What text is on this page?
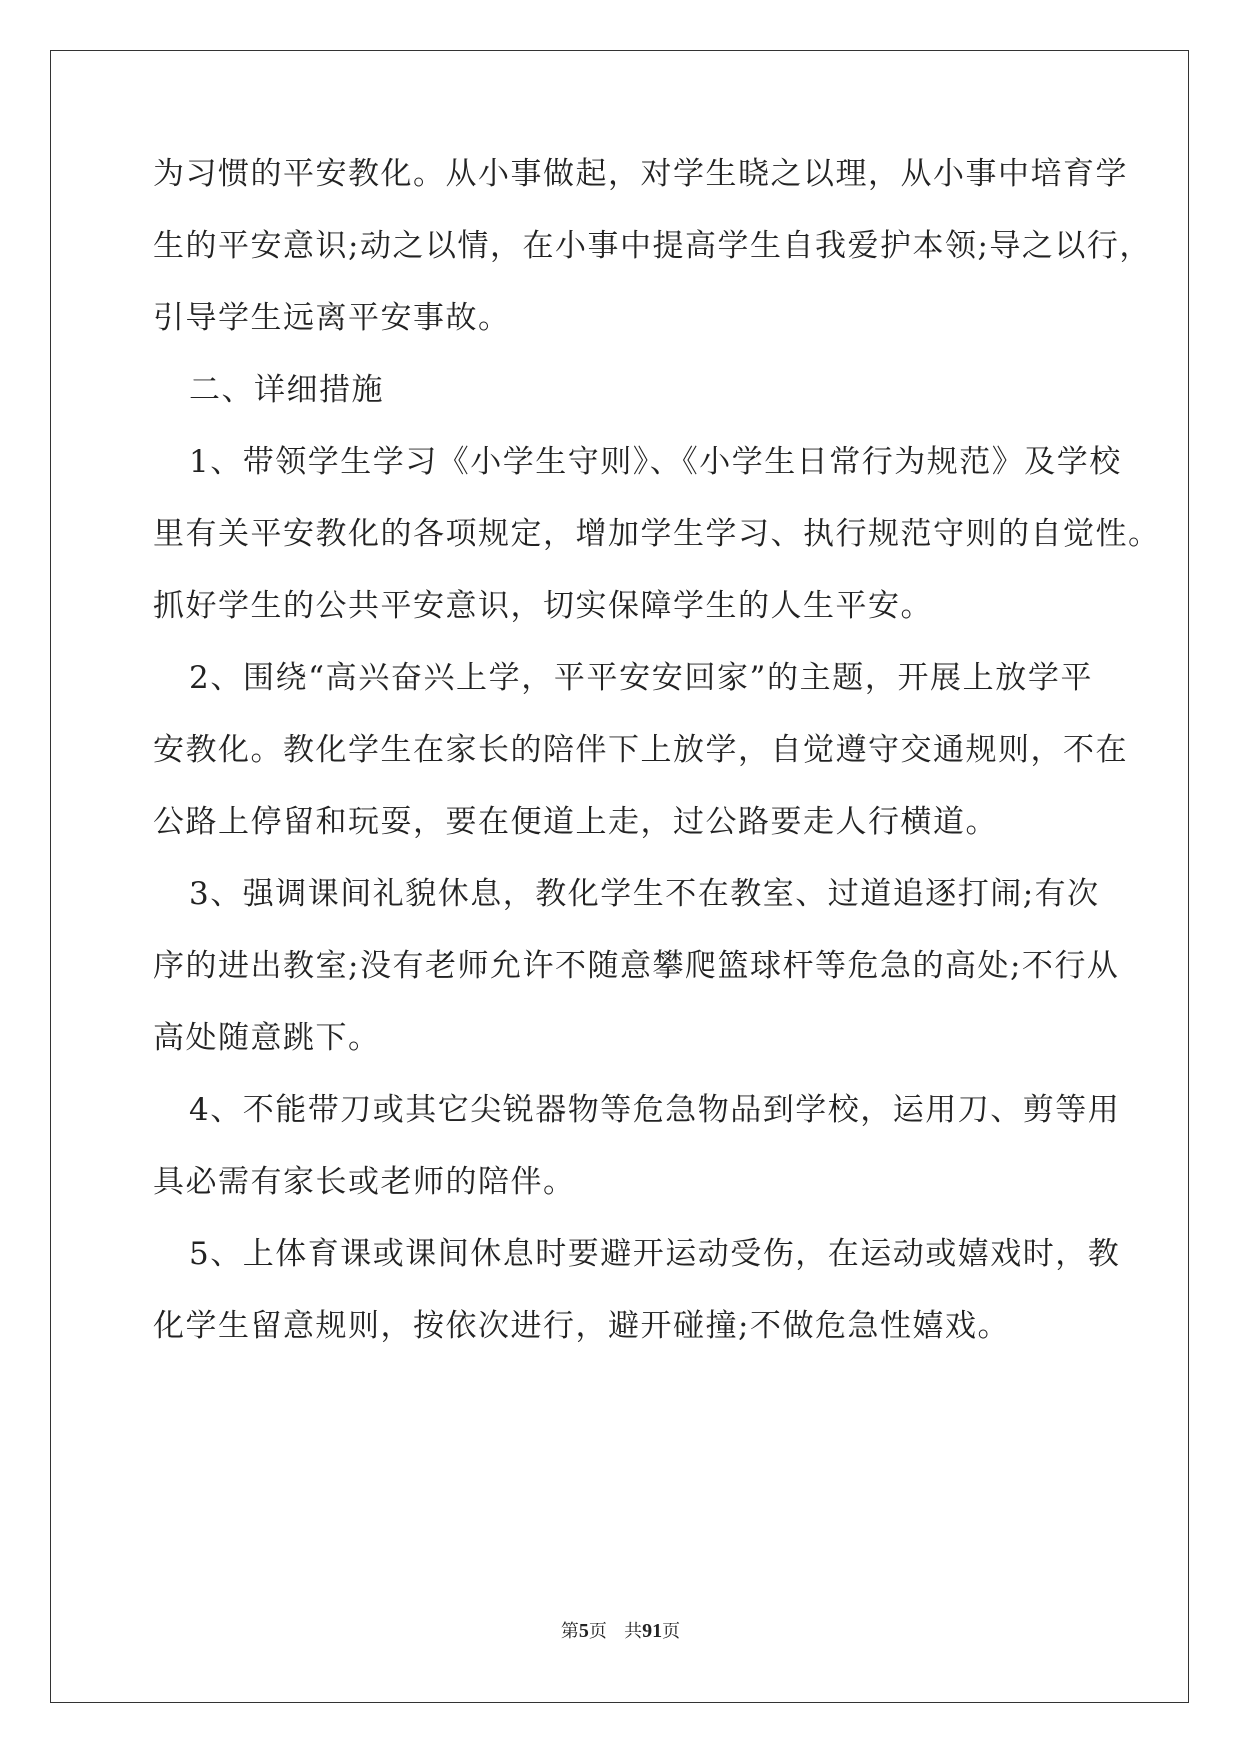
为习惯的平安教化。从小事做起，对学生晓之以理，从小事中培育学
生的平安意识;动之以情，在小事中提高学生自我爱护本领;导之以行，
引导学生远离平安事故。
二、详细措施
1、带领学生学习《小学生守则》、《小学生日常行为规范》及学校
里有关平安教化的各项规定，增加学生学习、执行规范守则的自觉性。
抓好学生的公共平安意识，切实保障学生的人生平安。
2、围绕“高兴奋兴上学，平平安安回家”的主题，开展上放学平
安教化。教化学生在家长的陪伴下上放学，自觉遵守交通规则，不在
公路上停留和玩耍，要在便道上走，过公路要走人行横道。
3、强调课间礼貌休息，教化学生不在教室、过道追逐打闹;有次
序的进出教室;没有老师允许不随意攀爬篮球杆等危急的高处;不行从
高处随意跳下。
4、不能带刀或其它尖锐器物等危急物品到学校，运用刀、剪等用
具必需有家长或老师的陪伴。
5、上体育课或课间休息时要避开运动受伤，在运动或嬉戏时，教
化学生留意规则，按依次进行，避开碰撞;不做危急性嬉戏。
第5页 共91页
